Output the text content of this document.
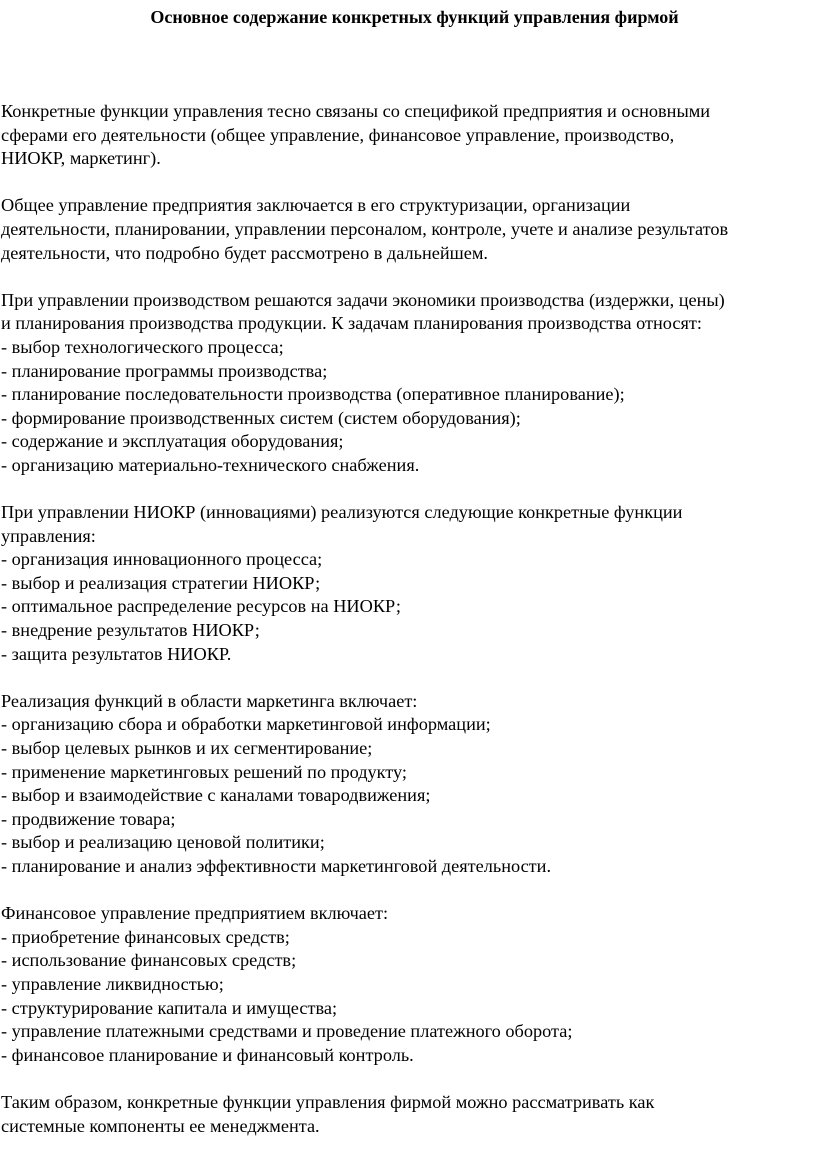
Основное содержание конкретных функций управления фирмой
Конкретные функции управления тесно связаны со спецификой предприятия и основными
сферами его деятельности (общее управление, финансовое управление, производство,
НИОКР, маркетинг).
Общее управление предприятия заключается в его структуризации, организации
деятельности, планировании, управлении персоналом, контроле, учете и анализе результатов
деятельности, что подробно будет рассмотрено в дальнейшем.
При управлении производством решаются задачи экономики производства (издержки, цены)
и планирования производства продукции. К задачам планирования производства относят:
- выбор технологического процесса;
- планирование программы производства;
- планирование последовательности производства (оперативное планирование);
- формирование производственных систем (систем оборудования);
- содержание и эксплуатация оборудования;
- организацию материально-технического снабжения.
При управлении НИОКР (инновациями) реализуются следующие конкретные функции
управления:
- организация инновационного процесса;
- выбор и реализация стратегии НИОКР;
- оптимальное распределение ресурсов на НИОКР;
- внедрение результатов НИОКР;
- защита результатов НИОКР.
Реализация функций в области маркетинга включает:
- организацию сбора и обработки маркетинговой информации;
- выбор целевых рынков и их сегментирование;
- применение маркетинговых решений по продукту;
- выбор и взаимодействие с каналами товародвижения;
- продвижение товара;
- выбор и реализацию ценовой политики;
- планирование и анализ эффективности маркетинговой деятельности.
Финансовое управление предприятием включает:
- приобретение финансовых средств;
- использование финансовых средств;
- управление ликвидностью;
- структурирование капитала и имущества;
- управление платежными средствами и проведение платежного оборота;
- финансовое планирование и финансовый контроль.
Таким образом, конкретные функции управления фирмой можно рассматривать как
системные компоненты ее менеджмента.
